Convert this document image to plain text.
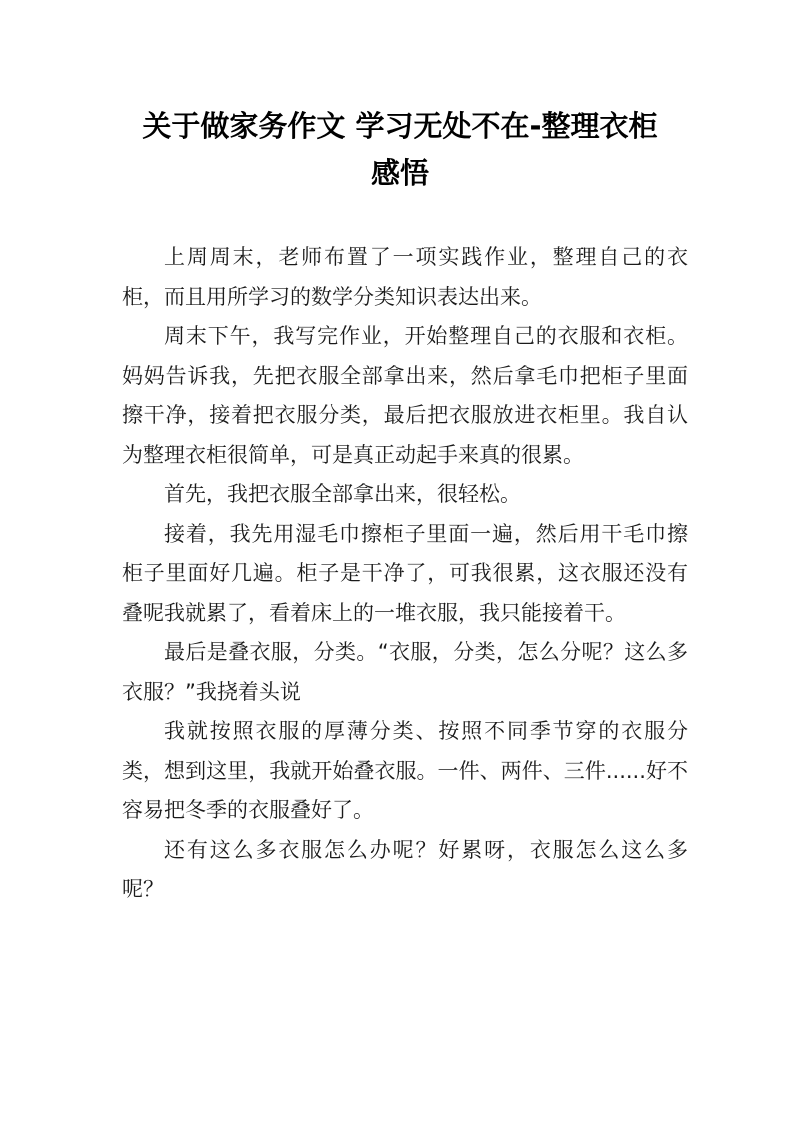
关于做家务作文 学习无处不在-整理衣柜
感悟

上周周末，老师布置了一项实践作业，整理自己的衣柜，而且用所学习的数学分类知识表达出来。

周末下午，我写完作业，开始整理自己的衣服和衣柜。妈妈告诉我，先把衣服全部拿出来，然后拿毛巾把柜子里面擦干净，接着把衣服分类，最后把衣服放进衣柜里。我自认为整理衣柜很简单，可是真正动起手来真的很累。

首先，我把衣服全部拿出来，很轻松。

接着，我先用湿毛巾擦柜子里面一遍，然后用干毛巾擦柜子里面好几遍。柜子是干净了，可我很累，这衣服还没有叠呢我就累了，看着床上的一堆衣服，我只能接着干。

最后是叠衣服，分类。“衣服，分类，怎么分呢？这么多衣服？”我挠着头说

我就按照衣服的厚薄分类、按照不同季节穿的衣服分类，想到这里，我就开始叠衣服。一件、两件、三件......好不容易把冬季的衣服叠好了。

还有这么多衣服怎么办呢？好累呀，衣服怎么这么多呢？
